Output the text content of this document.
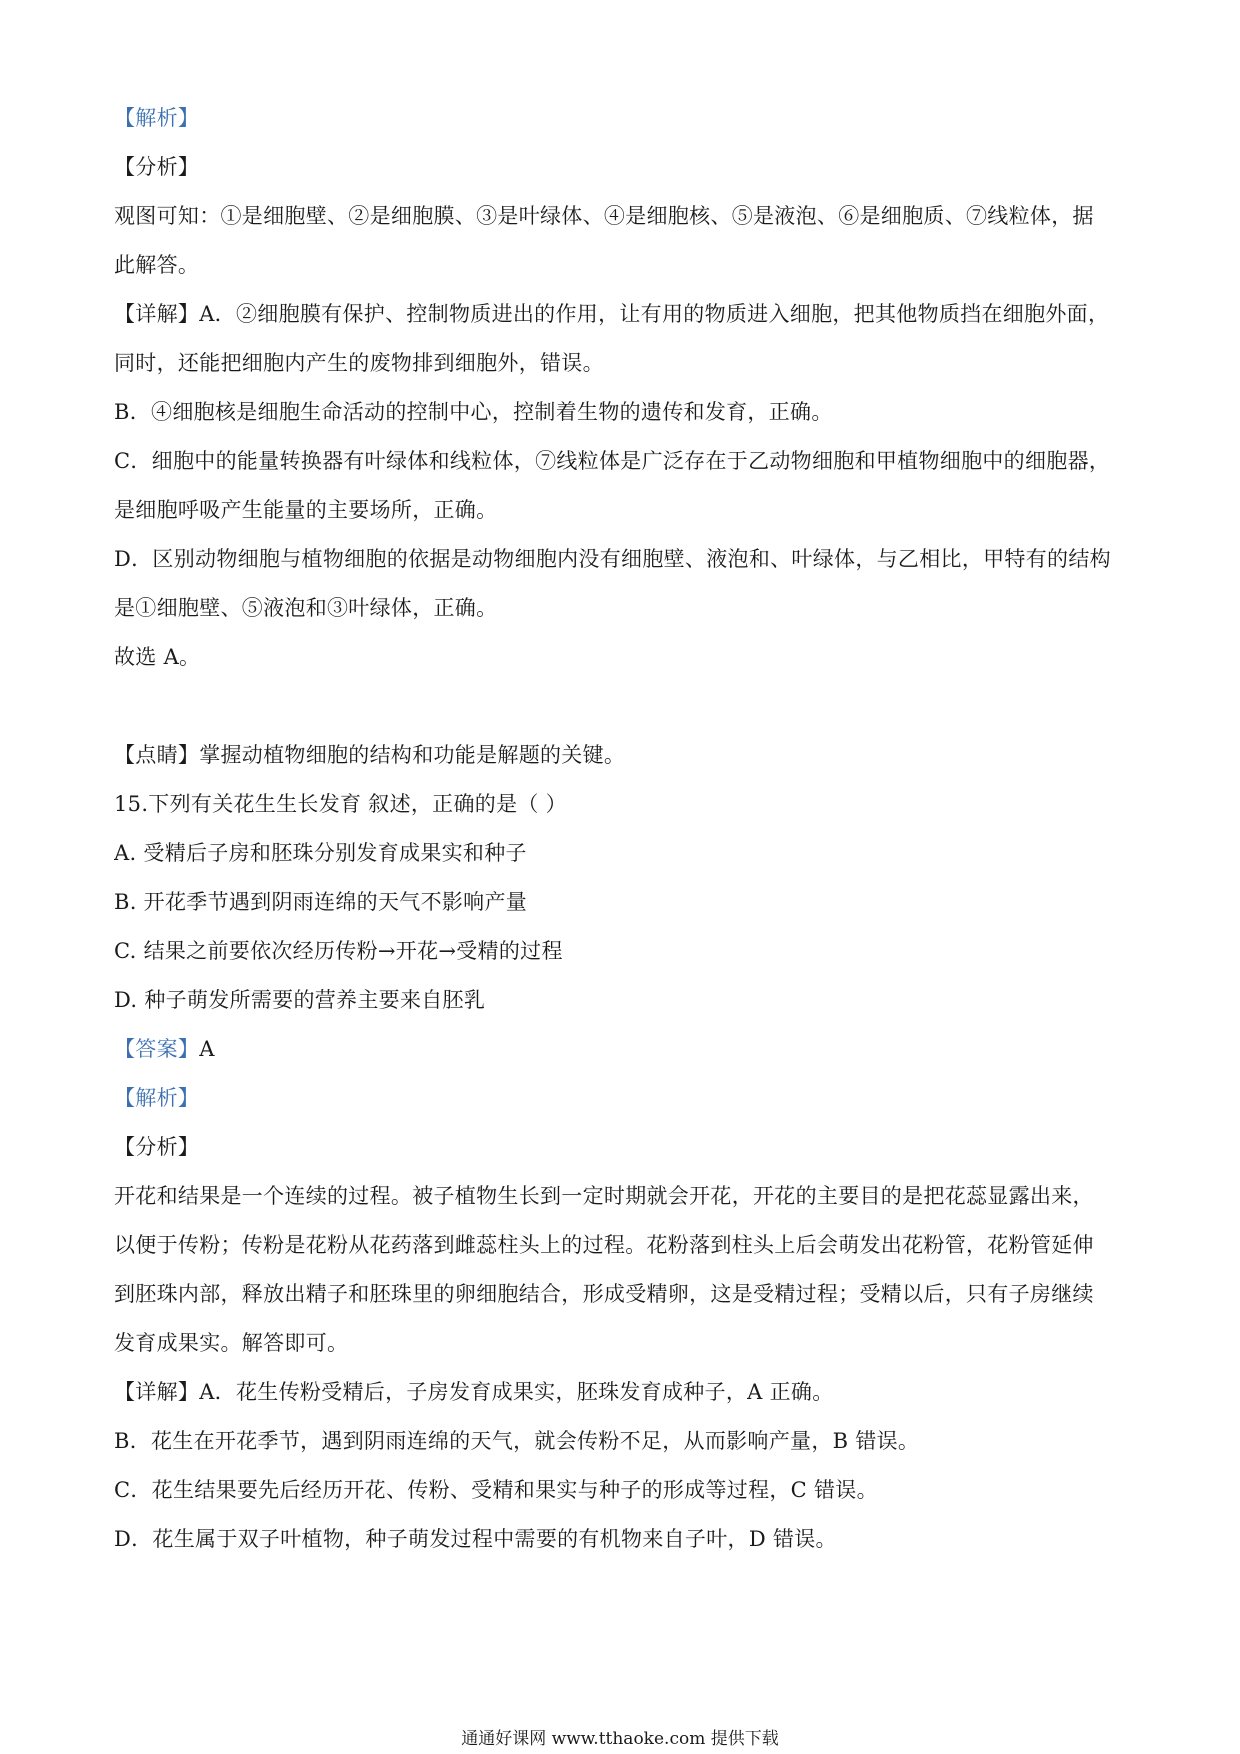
【解析】
【分析】
观图可知：①是细胞壁、②是细胞膜、③是叶绿体、④是细胞核、⑤是液泡、⑥是细胞质、⑦线粒体，据
此解答。
【详解】A．②细胞膜有保护、控制物质进出的作用，让有用的物质进入细胞，把其他物质挡在细胞外面，
同时，还能把细胞内产生的废物排到细胞外，错误。
B．④细胞核是细胞生命活动的控制中心，控制着生物的遗传和发育，正确。
C．细胞中的能量转换器有叶绿体和线粒体，⑦线粒体是广泛存在于乙动物细胞和甲植物细胞中的细胞器，
是细胞呼吸产生能量的主要场所，正确。
D．区别动物细胞与植物细胞的依据是动物细胞内没有细胞壁、液泡和、叶绿体，与乙相比，甲特有的结构
是①细胞壁、⑤液泡和③叶绿体，正确。
故选 A。
【点睛】掌握动植物细胞的结构和功能是解题的关键。
15.下列有关花生生长发育 叙述，正确的是（ ）
A. 受精后子房和胚珠分别发育成果实和种子
B. 开花季节遇到阴雨连绵的天气不影响产量
C. 结果之前要依次经历传粉→开花→受精的过程
D. 种子萌发所需要的营养主要来自胚乳
【答案】A
【解析】
【分析】
开花和结果是一个连续的过程。被子植物生长到一定时期就会开花，开花的主要目的是把花蕊显露出来，
以便于传粉；传粉是花粉从花药落到雌蕊柱头上的过程。花粉落到柱头上后会萌发出花粉管，花粉管延伸
到胚珠内部，释放出精子和胚珠里的卵细胞结合，形成受精卵，这是受精过程；受精以后，只有子房继续
发育成果实。解答即可。
【详解】A．花生传粉受精后，子房发育成果实，胚珠发育成种子，A 正确。
B．花生在开花季节，遇到阴雨连绵的天气，就会传粉不足，从而影响产量，B 错误。
C．花生结果要先后经历开花、传粉、受精和果实与种子的形成等过程，C 错误。
D．花生属于双子叶植物，种子萌发过程中需要的有机物来自子叶，D 错误。
通通好课网 www.tthaoke.com 提供下载
